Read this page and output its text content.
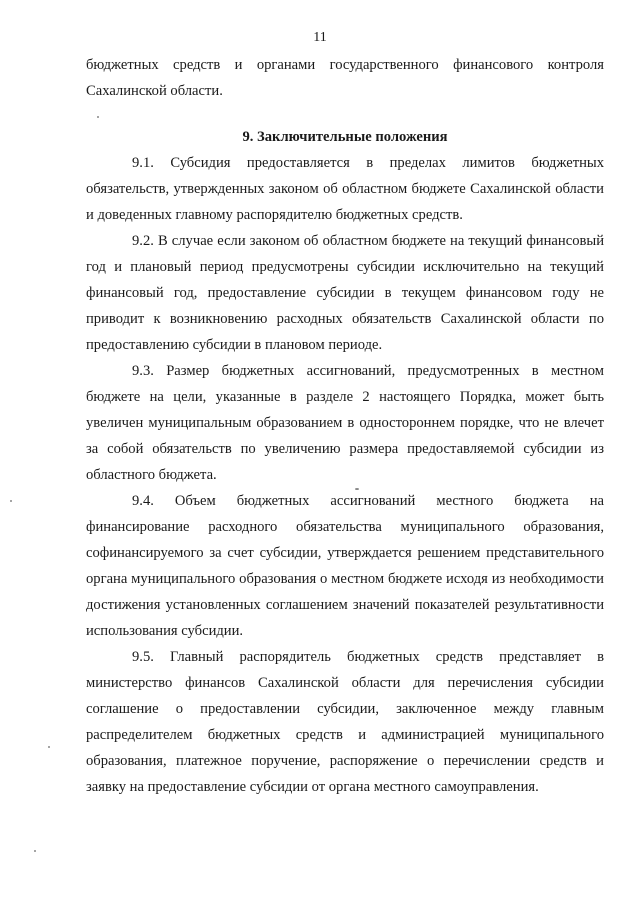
11

бюджетных средств и органами государственного финансового контроля Сахалинской области.

9. Заключительные положения

9.1. Субсидия предоставляется в пределах лимитов бюджетных обязательств, утвержденных законом об областном бюджете Сахалинской области и доведенных главному распорядителю бюджетных средств.

9.2. В случае если законом об областном бюджете на текущий финансовый год и плановый период предусмотрены субсидии исключительно на текущий финансовый год, предоставление субсидии в текущем финансовом году не приводит к возникновению расходных обязательств Сахалинской области по предоставлению субсидии в плановом периоде.

9.3. Размер бюджетных ассигнований, предусмотренных в местном бюджете на цели, указанные в разделе 2 настоящего Порядка, может быть увеличен муниципальным образованием в одностороннем порядке, что не влечет за собой обязательств по увеличению размера предоставляемой субсидии из областного бюджета.

9.4. Объем бюджетных ассигнований местного бюджета на финансирование расходного обязательства муниципального образования, софинансируемого за счет субсидии, утверждается решением представительного органа муниципального образования о местном бюджете исходя из необходимости достижения установленных соглашением значений показателей результативности использования субсидии.

9.5. Главный распорядитель бюджетных средств представляет в министерство финансов Сахалинской области для перечисления субсидии соглашение о предоставлении субсидии, заключенное между главным распределителем бюджетных средств и администрацией муниципального образования, платежное поручение, распоряжение о перечислении средств и заявку на предоставление субсидии от органа местного самоуправления.
